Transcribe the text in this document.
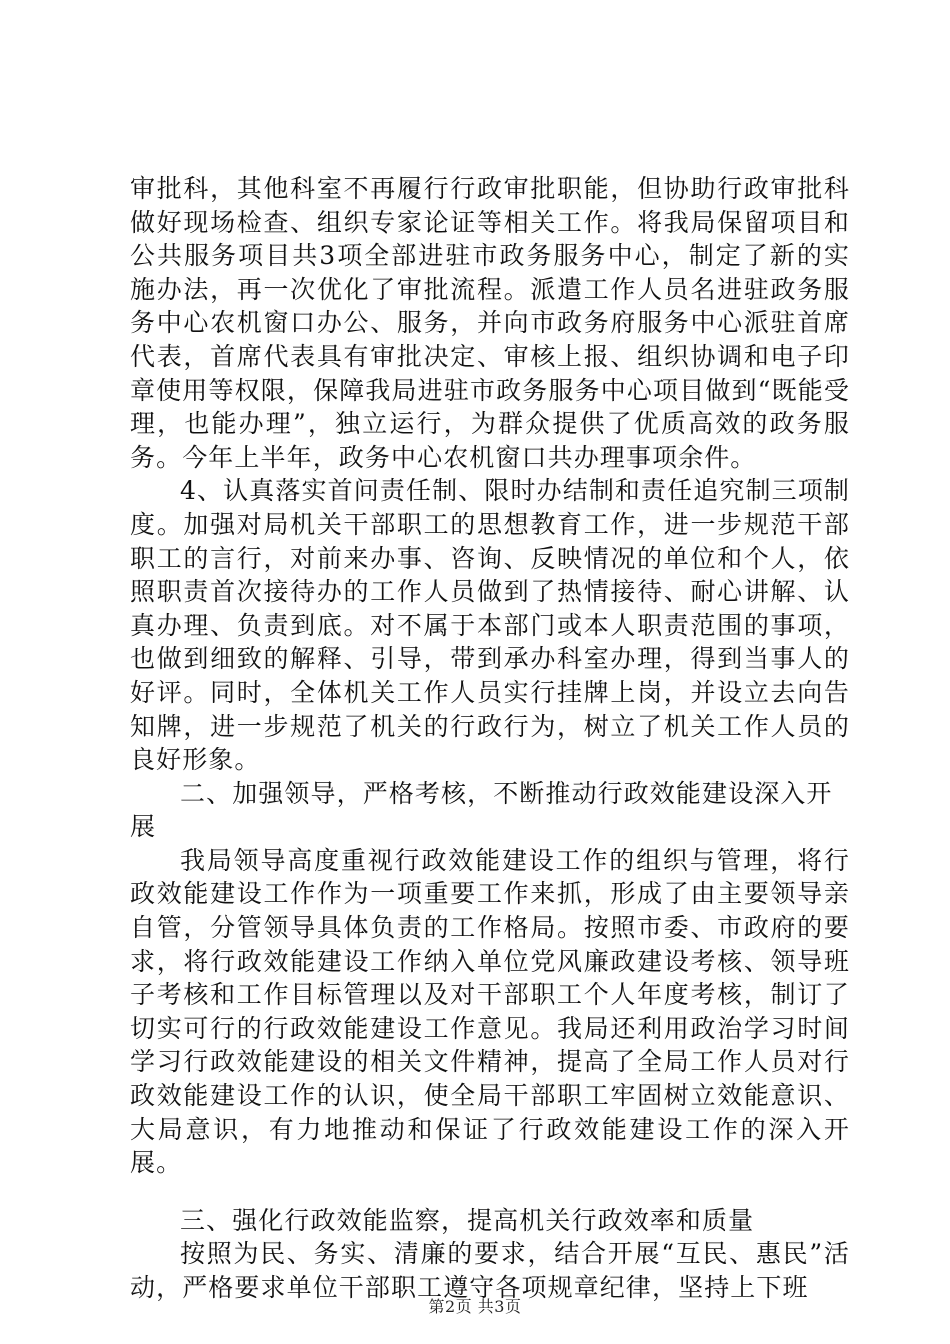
审批科，其他科室不再履行行政审批职能，但协助行政审批科做好现场检查、组织专家论证等相关工作。将我局保留项目和公共服务项目共3项全部进驻市政务服务中心，制定了新的实施办法，再一次优化了审批流程。派遣工作人员名进驻政务服务中心农机窗口办公、服务，并向市政务府服务中心派驻首席代表，首席代表具有审批决定、审核上报、组织协调和电子印章使用等权限，保障我局进驻市政务服务中心项目做到“既能受理，也能办理”，独立运行，为群众提供了优质高效的政务服务。今年上半年，政务中心农机窗口共办理事项余件。

4、认真落实首问责任制、限时办结制和责任追究制三项制度。加强对局机关干部职工的思想教育工作，进一步规范干部职工的言行，对前来办事、咨询、反映情况的单位和个人，依照职责首次接待办的工作人员做到了热情接待、耐心讲解、认真办理、负责到底。对不属于本部门或本人职责范围的事项，也做到细致的解释、引导，带到承办科室办理，得到当事人的好评。同时，全体机关工作人员实行挂牌上岗，并设立去向告知牌，进一步规范了机关的行政行为，树立了机关工作人员的良好形象。

二、加强领导，严格考核，不断推动行政效能建设深入开展

我局领导高度重视行政效能建设工作的组织与管理，将行政效能建设工作作为一项重要工作来抓，形成了由主要领导亲自管，分管领导具体负责的工作格局。按照市委、市政府的要求，将行政效能建设工作纳入单位党风廉政建设考核、领导班子考核和工作目标管理以及对干部职工个人年度考核，制订了切实可行的行政效能建设工作意见。我局还利用政治学习时间学习行政效能建设的相关文件精神，提高了全局工作人员对行政效能建设工作的认识，使全局干部职工牢固树立效能意识、大局意识，有力地推动和保证了行政效能建设工作的深入开展。

三、强化行政效能监察，提高机关行政效率和质量

按照为民、务实、清廉的要求，结合开展“互民、惠民”活动，严格要求单位干部职工遵守各项规章纪律，坚持上下班

第2页 共3页
